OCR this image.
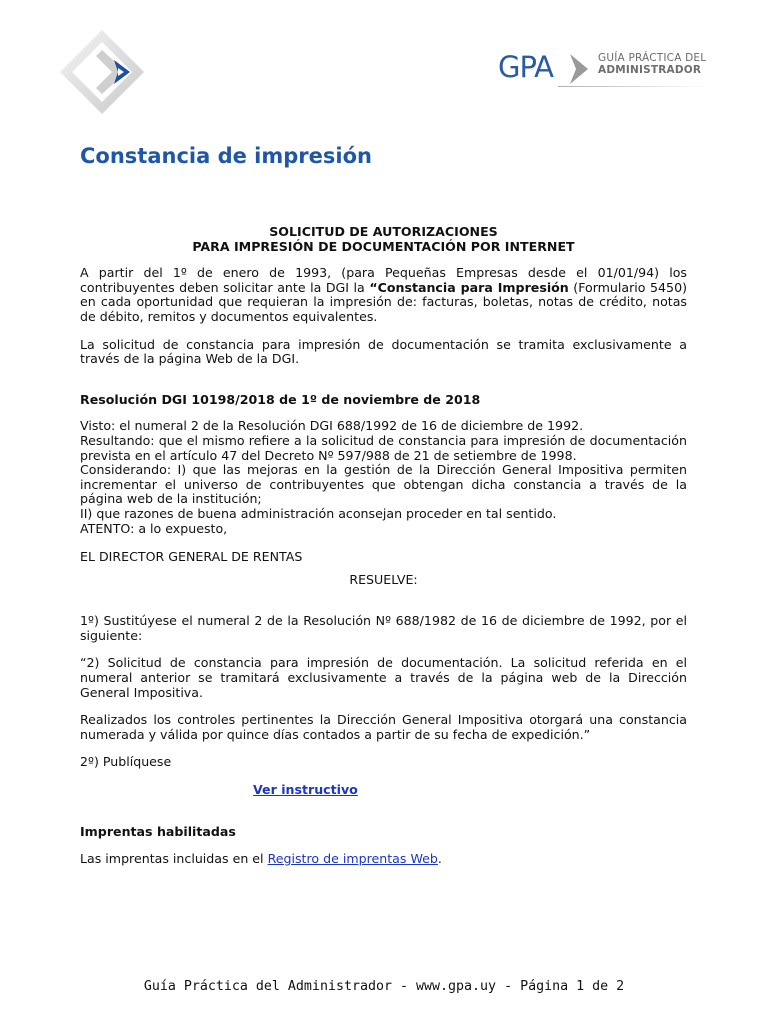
GPA	GUÍA PRÁCTICA DEL
ADMINISTRADOR
Constancia de impresión

SOLICITUD DE AUTORIZACIONES

PARA IMPRESIÓN DE DOCUMENTACIÓN POR INTERNET

A partir del 1º de enero de 1993, (para Pequeñas Empresas desde el 01/01/94) los contribuyentes deben solicitar ante la DGI la “Constancia para Impresión (Formulario 5450) en cada oportunidad que requieran la impresión de: facturas, boletas, notas de crédito, notas de débito, remitos y documentos equivalentes.

La solicitud de constancia para impresión de documentación se tramita exclusivamente a través de la página Web de la DGI.

Resolución DGI 10198/2018 de 1º de noviembre de 2018

Visto: el numeral 2 de la Resolución DGI 688/1992 de 16 de diciembre de 1992.

Resultando: que el mismo refiere a la solicitud de constancia para impresión de documentación prevista en el artículo 47 del Decreto Nº 597/988 de 21 de setiembre de 1998.

Considerando: I) que las mejoras en la gestión de la Dirección General Impositiva permiten incrementar el universo de contribuyentes que obtengan dicha constancia a través de la página web de la institución;

II) que razones de buena administración aconsejan proceder en tal sentido.

ATENTO: a lo expuesto,

EL DIRECTOR GENERAL DE RENTAS

RESUELVE:

1º) Sustitúyese el numeral 2 de la Resolución Nº 688/1982 de 16 de diciembre de 1992, por el siguiente:

“2) Solicitud de constancia para impresión de documentación. La solicitud referida en el numeral anterior se tramitará exclusivamente a través de la página web de la Dirección General Impositiva.

Realizados los controles pertinentes la Dirección General Impositiva otorgará una constancia numerada y válida por quince días contados a partir de su fecha de expedición.”

2º) Publíquese

Ver instructivo

Imprentas habilitadas

Las imprentas incluidas en el Registro de imprentas Web.

Guía Práctica del Administrador - www.gpa.uy - Página 1 de 2
